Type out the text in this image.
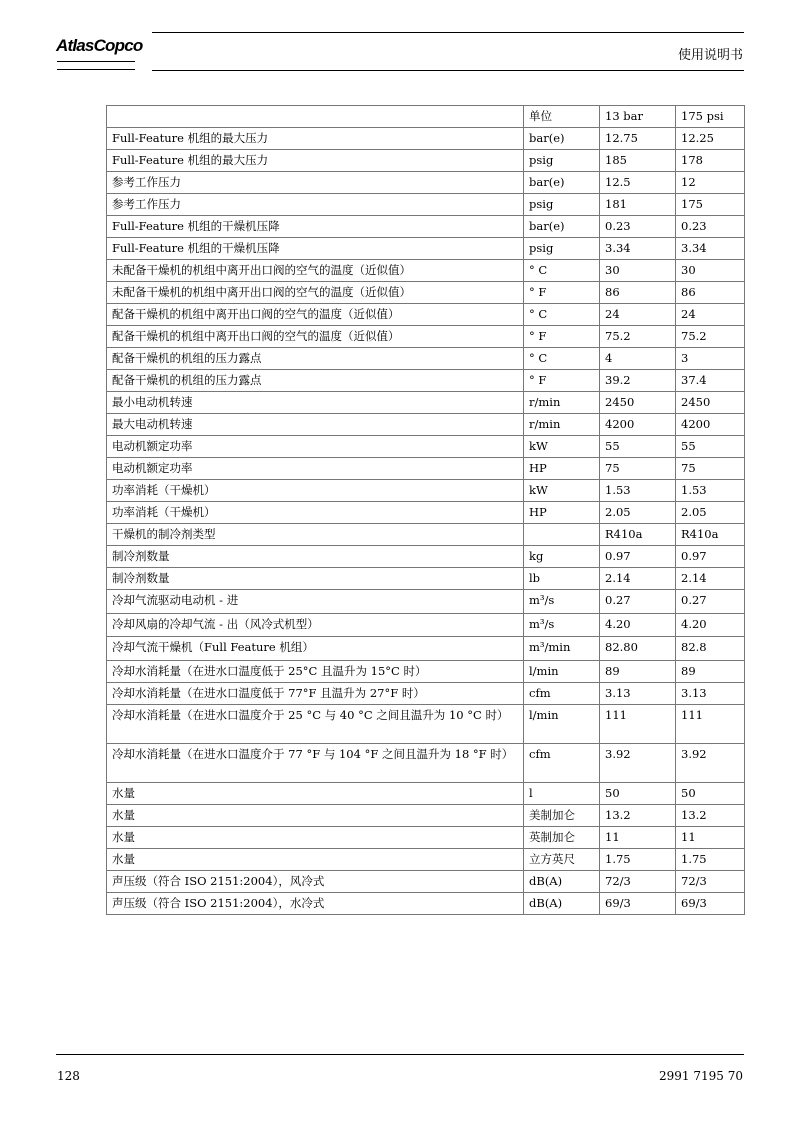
AtlasCopco
使用说明书
	单位	13 bar	175 psi
Full-Feature 机组的最大压力	bar(e)	12.75	12.25
Full-Feature 机组的最大压力	psig	185	178
参考工作压力	bar(e)	12.5	12
参考工作压力	psig	181	175
Full-Feature 机组的干燥机压降	bar(e)	0.23	0.23
Full-Feature 机组的干燥机压降	psig	3.34	3.34
未配备干燥机的机组中离开出口阀的空气的温度（近似值）	° C	30	30
未配备干燥机的机组中离开出口阀的空气的温度（近似值）	° F	86	86
配备干燥机的机组中离开出口阀的空气的温度（近似值）	° C	24	24
配备干燥机的机组中离开出口阀的空气的温度（近似值）	° F	75.2	75.2
配备干燥机的机组的压力露点	° C	4	3
配备干燥机的机组的压力露点	° F	39.2	37.4
最小电动机转速	r/min	2450	2450
最大电动机转速	r/min	4200	4200
电动机额定功率	kW	55	55
电动机额定功率	HP	75	75
功率消耗（干燥机）	kW	1.53	1.53
功率消耗（干燥机）	HP	2.05	2.05
干燥机的制冷剂类型		R410a	R410a
制冷剂数量	kg	0.97	0.97
制冷剂数量	lb	2.14	2.14
冷却气流驱动电动机 - 进	m³/s	0.27	0.27
冷却风扇的冷却气流 - 出（风冷式机型）	m³/s	4.20	4.20
冷却气流干燥机（Full Feature 机组）	m³/min	82.80	82.8
冷却水消耗量（在进水口温度低于 25°C 且温升为 15°C 时）	l/min	89	89
冷却水消耗量（在进水口温度低于 77°F 且温升为 27°F 时）	cfm	3.13	3.13
冷却水消耗量（在进水口温度介于 25 °C 与 40 °C 之间且温升为 10 °C 时）	l/min	111	111
冷却水消耗量（在进水口温度介于 77 °F 与 104 °F 之间且温升为 18 °F 时）	cfm	3.92	3.92
水量	l	50	50
水量	美制加仑	13.2	13.2
水量	英制加仑	11	11
水量	立方英尺	1.75	1.75
声压级（符合 ISO 2151:2004），风冷式	dB(A)	72/3	72/3
声压级（符合 ISO 2151:2004），水冷式	dB(A)	69/3	69/3
128	2991 7195 70
